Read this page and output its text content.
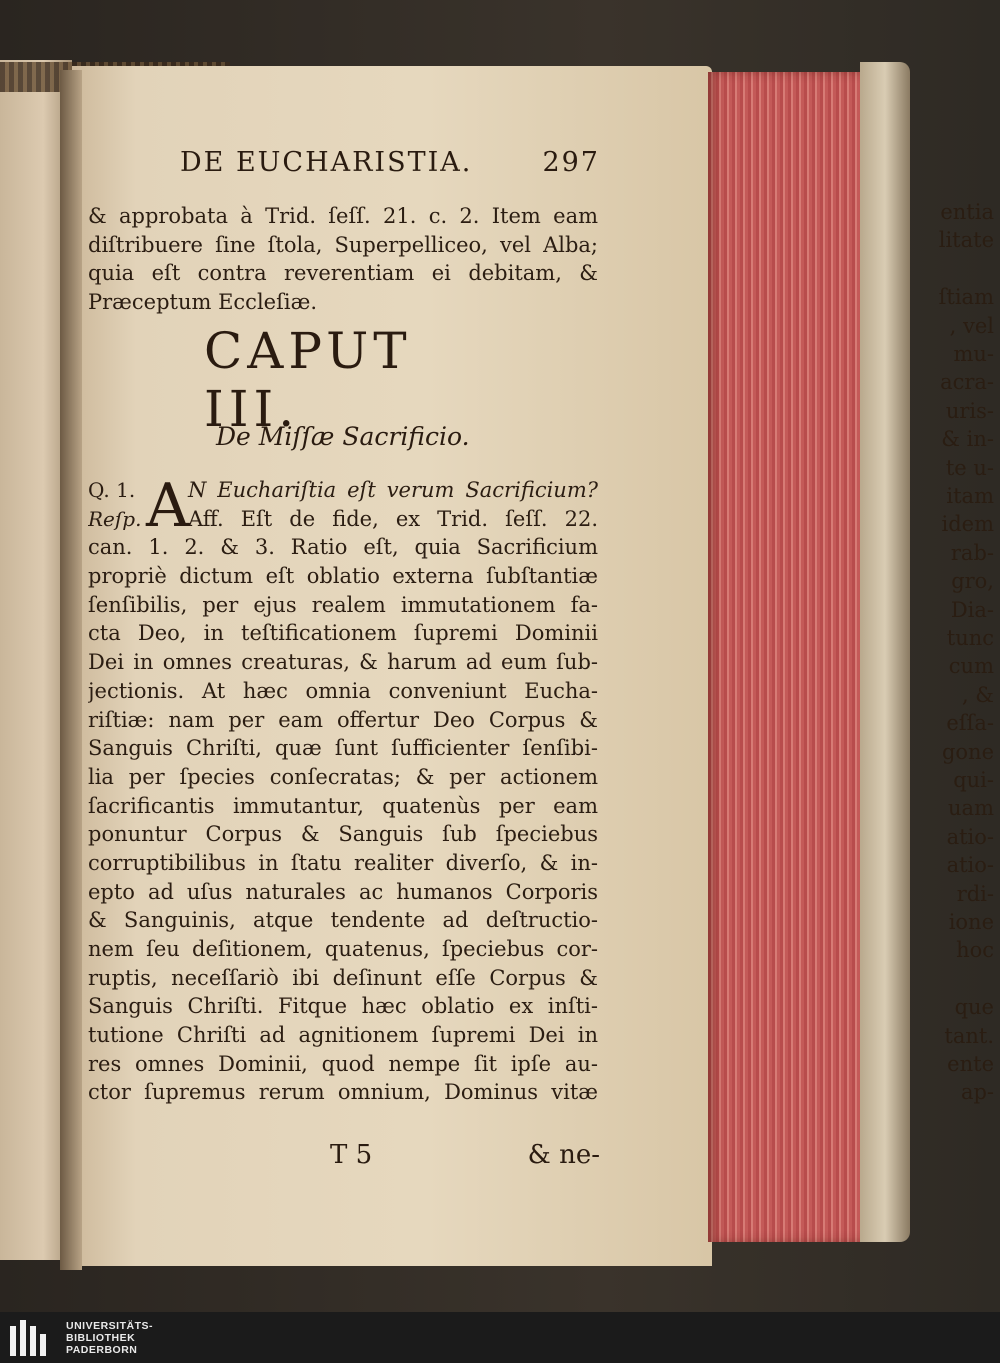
entia
litate
ſtiam
, vel
mu-
acra-
uris-
& in-
te u-
itam
idem
rab-
gro,
Dia-
tunc
cum
, &
eſſa-
gone
qui-
uam
atio-
atio-
rdi-
ione
hoc
que
tant.
ente
ap-
DE EUCHARISTIA.	297
& approbata à Trid. ſeſſ. 21. c. 2. Item eam
diſtribuere ſine ſtola, Superpelliceo, vel Alba;
quia eſt contra reverentiam ei debitam, &
Præceptum Eccleſiæ.
CAPUT III.
De Miſſæ Sacrificio.
Q. 1.	N Euchariſtia eſt verum Sacrificium?
Reſp. Aff. Eſt de fide, ex Trid. ſeſſ. 22.
can. 1. 2. & 3. Ratio eſt, quia Sacrificium
propriè dictum eſt oblatio externa ſubſtantiæ
ſenſibilis, per ejus realem immutationem fa-
cta Deo, in teſtificationem ſupremi Dominii
Dei in omnes creaturas, & harum ad eum ſub-
jectionis. At hæc omnia conveniunt Eucha-
riſtiæ: nam per eam offertur Deo Corpus &
Sanguis Chriſti, quæ ſunt ſufficienter ſenſibi-
lia per ſpecies conſecratas; & per actionem
ſacrificantis immutantur, quatenùs per eam
ponuntur Corpus & Sanguis ſub ſpeciebus
corruptibilibus in ſtatu realiter diverſo, & in-
epto ad uſus naturales ac humanos Corporis
& Sanguinis, atque tendente ad deſtructio-
nem ſeu deſitionem, quatenus, ſpeciebus cor-
ruptis, neceſſariò ibi deſinunt eſſe Corpus &
Sanguis Chriſti. Fitque hæc oblatio ex inſti-
tutione Chriſti ad agnitionem ſupremi Dei in
res omnes Dominii, quod nempe ſit ipſe au-
ctor ſupremus rerum omnium, Dominus vitæ
A
T 5	& ne-
UNIVERSITÄTS-
BIBLIOTHEK
PADERBORN
